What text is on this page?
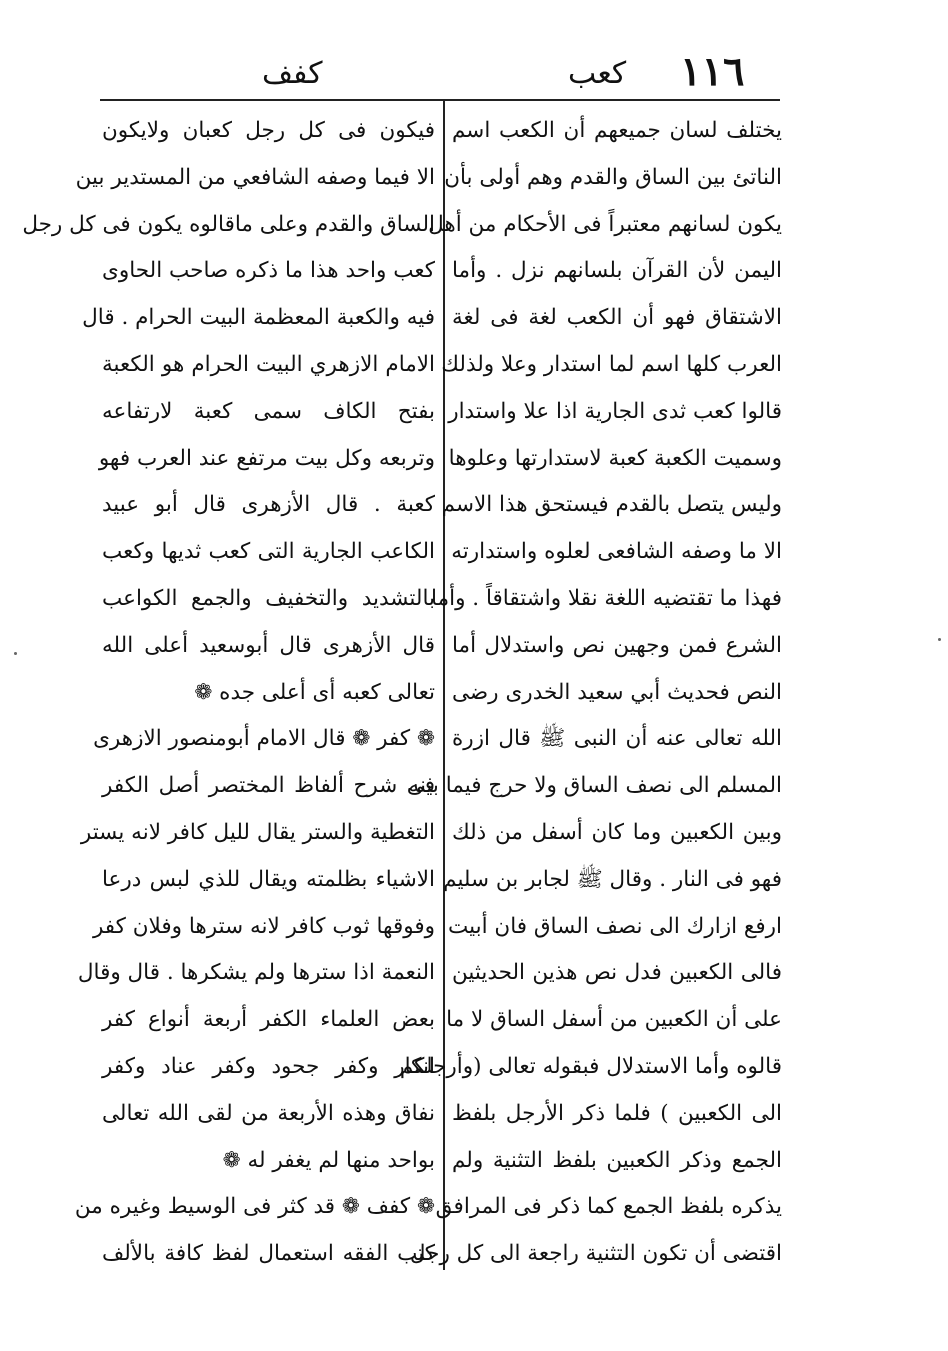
كفف	كعب ١١٦
يختلف لسان جميعهم أن الكعب اسم
الناتئ بين الساق والقدم وهم أولى بأن
يكون لسانهم معتبراً فى الأحكام من أهل
اليمن لأن القرآن بلسانهم نزل . وأما
الاشتقاق فهو أن الكعب لغة فى لغة
العرب كلها اسم لما استدار وعلا ولذلك
قالوا كعب ثدى الجارية اذا علا واستدار
وسميت الكعبة كعبة لاستدارتها وعلوها
وليس يتصل بالقدم فيستحق هذا الاسم
الا ما وصفه الشافعى لعلوه واستدارته
فهذا ما تقتضيه اللغة نقلا واشتقاقاً . وأما
الشرع فمن وجهين نص واستدلال أما
النص فحديث أبي سعيد الخدرى رضى
الله تعالى عنه أن النبى ﷺ قال ازرة
المسلم الى نصف الساق ولا حرج فيما بينه
وبين الكعبين وما كان أسفل من ذلك
فهو فى النار . وقال ﷺ لجابر بن سليم
ارفع ازارك الى نصف الساق فان أبيت
فالى الكعبين فدل نص هذين الحديثين
على أن الكعبين من أسفل الساق لا ما
قالوه وأما الاستدلال فبقوله تعالى (وأرجلكم
الى الكعبين ) فلما ذكر الأرجل بلفظ
الجمع وذكر الكعبين بلفظ التثنية ولم
يذكره بلفظ الجمع كما ذكر فى المرافق
اقتضى أن تكون التثنية راجعة الى كل رجل
فيكون فى كل رجل كعبان ولايكون
الا فيما وصفه الشافعي من المستدير بين
الساق والقدم وعلى ماقالوه يكون فى كل رجل
كعب واحد هذا ما ذكره صاحب الحاوى
فيه والكعبة المعظمة البيت الحرام . قال
الامام الازهري البيت الحرام هو الكعبة
بفتح الكاف سمى كعبة لارتفاعه
وتربعه وكل بيت مرتفع عند العرب فهو
كعبة . قال الأزهرى قال أبو عبيد
الكاعب الجارية التى كعب ثديها وكعب
بالتشديد والتخفيف والجمع الكواعب
قال الأزهرى قال أبوسعيد أعلى الله
تعالى كعبه أى أعلى جده ❁
❁ كفر ❁ قال الامام أبومنصور الازهرى
فى شرح ألفاظ المختصر أصل الكفر
التغطية والستر يقال لليل كافر لانه يستر
الاشياء بظلمته ويقال للذي لبس درعا
وفوقها ثوب كافر لانه سترها وفلان كفر
النعمة اذا سترها ولم يشكرها . قال وقال
بعض العلماء الكفر أربعة أنواع كفر
انكار وكفر جحود وكفر عناد وكفر
نفاق وهذه الأربعة من لقى الله تعالى
بواحد منها لم يغفر له ❁
❁ كفف ❁ قد كثر فى الوسيط وغيره من
كتب الفقه استعمال لفظ كافة بالألف
